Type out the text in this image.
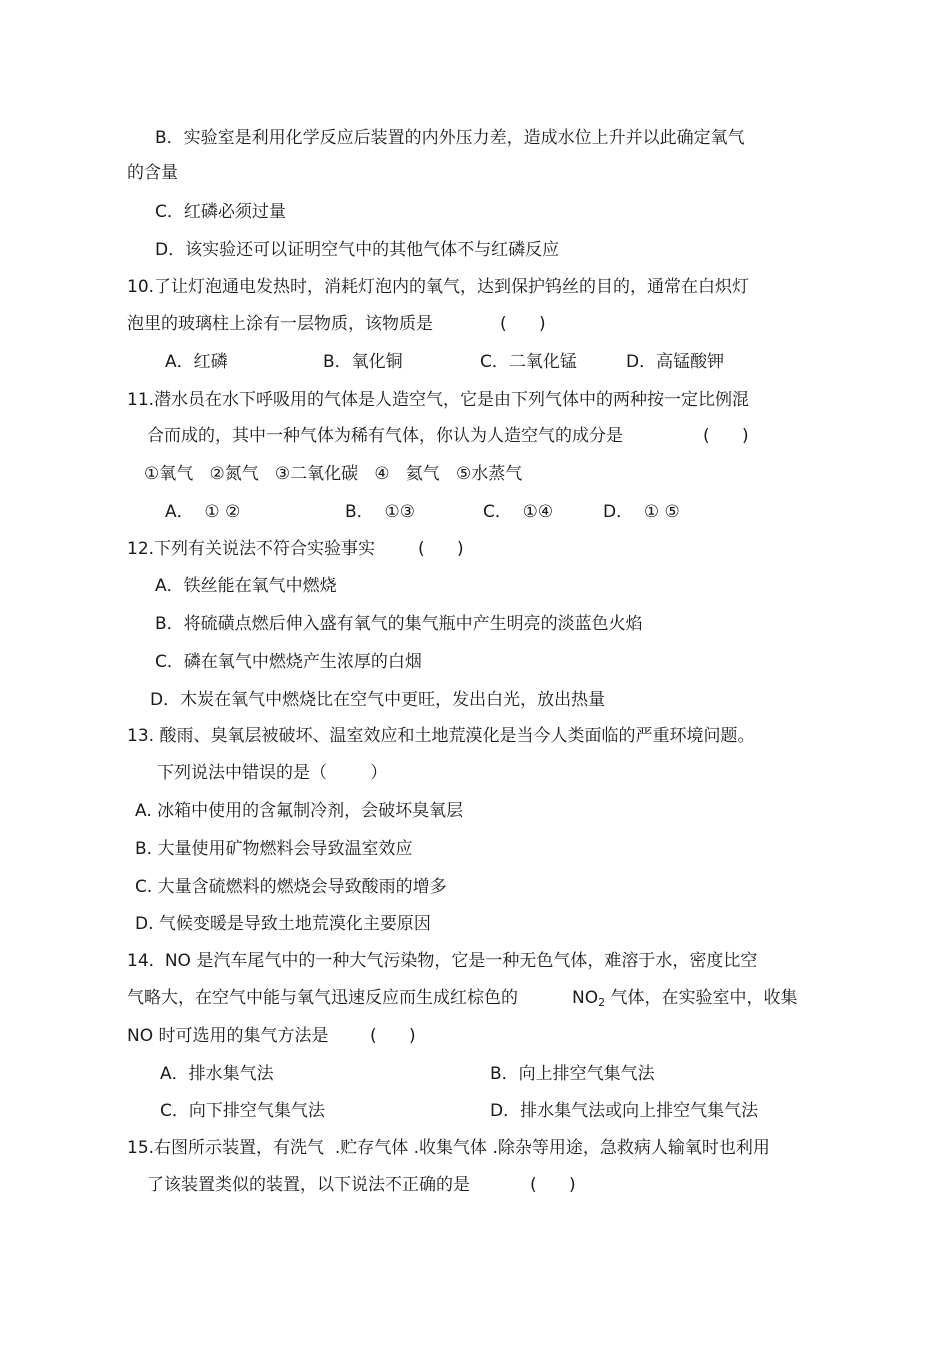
B．实验室是利用化学反应后装置的内外压力差，造成水位上升并以此确定氧气
的含量
C．红磷必须过量
D．该实验还可以证明空气中的其他气体不与红磷反应
10.了让灯泡通电发热时，消耗灯泡内的氧气，达到保护钨丝的目的，通常在白炽灯
泡里的玻璃柱上涂有一层物质，该物质是	(      )
A．红磷	B．氧化铜	C．二氧化锰	D．高锰酸钾
11.潜水员在水下呼吸用的气体是人造空气，它是由下列气体中的两种按一定比例混
合而成的，其中一种气体为稀有气体，你认为人造空气的成分是	(      )
①氧气   ②氮气   ③二氧化碳   ④   氦气   ⑤水蒸气
A．  ① ②	B．  ①③	C．  ①④	D．  ① ⑤
12.下列有关说法不符合实验事实	(      )
A．铁丝能在氧气中燃烧
B．将硫磺点燃后伸入盛有氧气的集气瓶中产生明亮的淡蓝色火焰
C．磷在氧气中燃烧产生浓厚的白烟
D．木炭在氧气中燃烧比在空气中更旺，发出白光，放出热量
13. 酸雨、臭氧层被破坏、温室效应和土地荒漠化是当今人类面临的严重环境问题。
下列说法中错误的是（        ）
A. 冰箱中使用的含氟制冷剂，会破坏臭氧层
B. 大量使用矿物燃料会导致温室效应
C. 大量含硫燃料的燃烧会导致酸雨的增多
D. 气候变暖是导致土地荒漠化主要原因
14.  NO 是汽车尾气中的一种大气污染物，它是一种无色气体，难溶于水，密度比空
气略大，在空气中能与氧气迅速反应而生成红棕色的	$NO_2$ 气体，在实验室中，收集
NO 时可选用的集气方法是 (      )
A．排水集气法	B．向上排空气集气法
C．向下排空气集气法	D．排水集气法或向上排空气集气法
15.右图所示装置，有洗气  .贮存气体 .收集气体 .除杂等用途，急救病人输氧时也利用
了该装置类似的装置，以下说法不正确的是	(      )
